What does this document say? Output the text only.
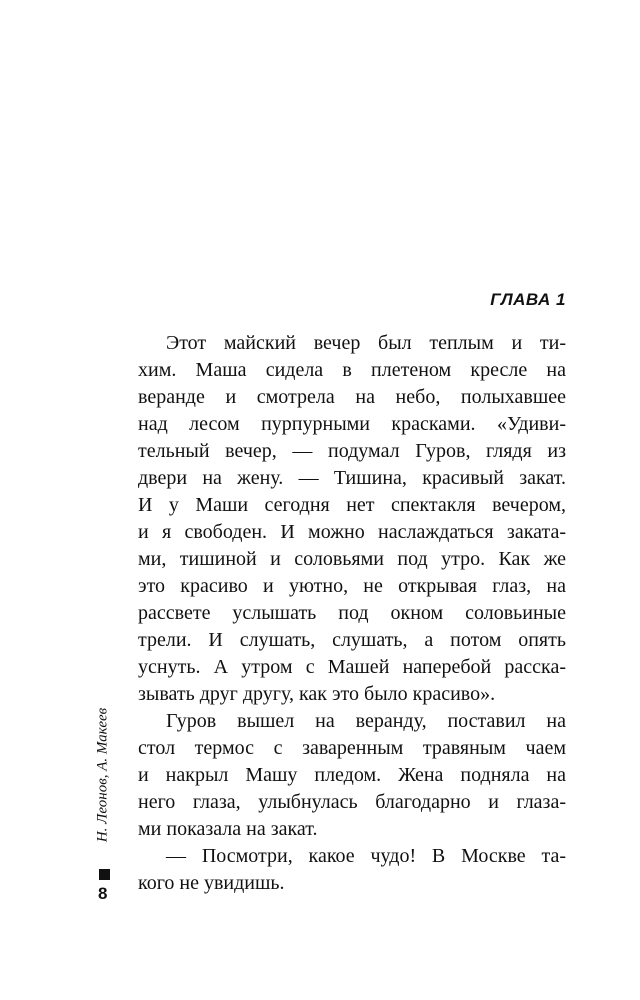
ГЛАВА 1
Этот майский вечер был теплым и ти-
хим. Маша сидела в плетеном кресле на
веранде и смотрела на небо, полыхавшее
над лесом пурпурными красками. «Удиви-
тельный вечер, — подумал Гуров, глядя из
двери на жену. — Тишина, красивый закат.
И у Маши сегодня нет спектакля вечером,
и я свободен. И можно наслаждаться заката-
ми, тишиной и соловьями под утро. Как же
это красиво и уютно, не открывая глаз, на
рассвете услышать под окном соловьиные
трели. И слушать, слушать, а потом опять
уснуть. А утром с Машей наперебой расска-
зывать друг другу, как это было красиво».
Гуров вышел на веранду, поставил на
стол термос с заваренным травяным чаем
и накрыл Машу пледом. Жена подняла на
него глаза, улыбнулась благодарно и глаза-
ми показала на закат.
— Посмотри, какое чудо! В Москве та-
кого не увидишь.
Н. Леонов, А. Макеев
8
